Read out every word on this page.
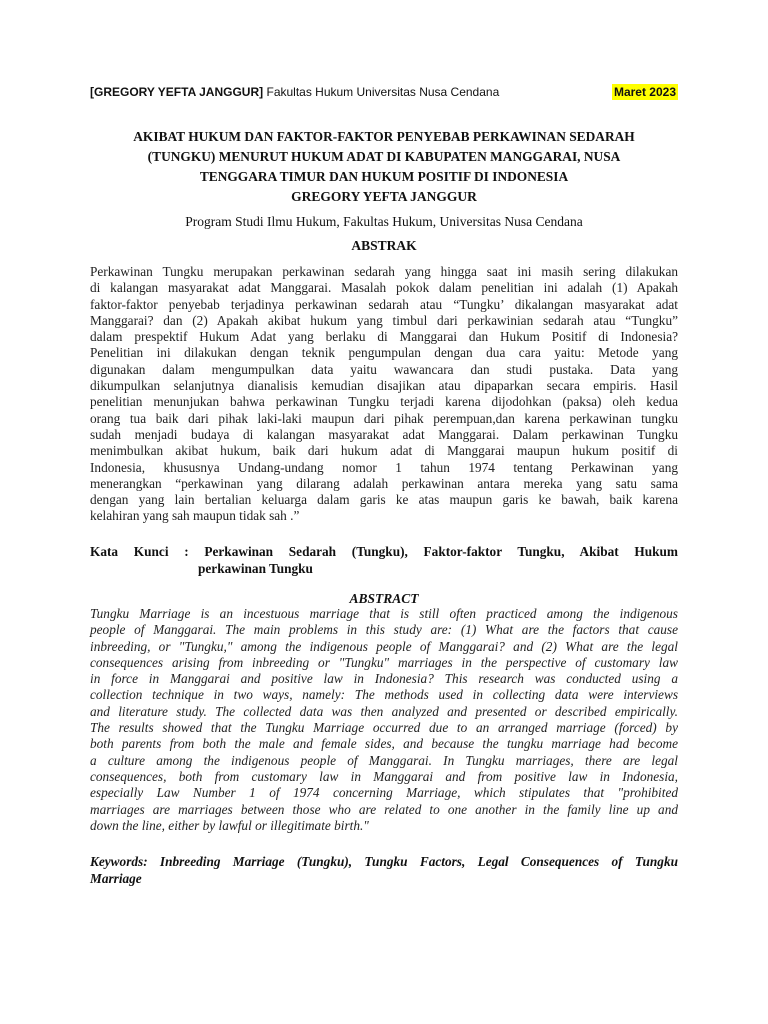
[GREGORY YEFTA JANGGUR] Fakultas Hukum Universitas Nusa Cendana	Maret 2023
AKIBAT HUKUM DAN FAKTOR-FAKTOR PENYEBAB PERKAWINAN SEDARAH
(TUNGKU) MENURUT HUKUM ADAT DI KABUPATEN MANGGARAI, NUSA
TENGGARA TIMUR DAN HUKUM POSITIF DI INDONESIA
GREGORY YEFTA JANGGUR
Program Studi Ilmu Hukum, Fakultas Hukum, Universitas Nusa Cendana
ABSTRAK
Perkawinan Tungku merupakan perkawinan sedarah yang hingga saat ini masih sering dilakukan
di kalangan masyarakat adat Manggarai. Masalah pokok dalam penelitian ini adalah (1) Apakah
faktor-faktor penyebab terjadinya perkawinan sedarah atau “Tungku’ dikalangan masyarakat adat
Manggarai? dan (2) Apakah akibat hukum yang timbul dari perkawinian sedarah atau “Tungku”
dalam prespektif Hukum Adat yang berlaku di Manggarai dan Hukum Positif di Indonesia?
Penelitian ini dilakukan dengan teknik pengumpulan dengan dua cara yaitu: Metode yang
digunakan dalam mengumpulkan data yaitu wawancara dan studi pustaka. Data yang
dikumpulkan selanjutnya dianalisis kemudian disajikan atau dipaparkan secara empiris. Hasil
penelitian menunjukan bahwa perkawinan Tungku terjadi karena dijodohkan (paksa) oleh kedua
orang tua baik dari pihak laki-laki maupun dari pihak perempuan,dan karena perkawinan tungku
sudah menjadi budaya di kalangan masyarakat adat Manggarai. Dalam perkawinan Tungku
menimbulkan akibat hukum, baik dari hukum adat di Manggarai maupun hukum positif di
Indonesia, khususnya Undang-undang nomor 1 tahun 1974 tentang Perkawinan yang
menerangkan “perkawinan yang dilarang adalah perkawinan antara mereka yang satu sama
dengan yang lain bertalian keluarga dalam garis ke atas maupun garis ke bawah, baik karena
kelahiran yang sah maupun tidak sah .”
Kata Kunci : Perkawinan Sedarah (Tungku), Faktor-faktor Tungku, Akibat Hukum
perkawinan Tungku
ABSTRACT
Tungku Marriage is an incestuous marriage that is still often practiced among the indigenous
people of Manggarai. The main problems in this study are: (1) What are the factors that cause
inbreeding, or "Tungku," among the indigenous people of Manggarai? and (2) What are the legal
consequences arising from inbreeding or "Tungku" marriages in the perspective of customary law
in force in Manggarai and positive law in Indonesia? This research was conducted using a
collection technique in two ways, namely: The methods used in collecting data were interviews
and literature study. The collected data was then analyzed and presented or described empirically.
The results showed that the Tungku Marriage occurred due to an arranged marriage (forced) by
both parents from both the male and female sides, and because the tungku marriage had become
a culture among the indigenous people of Manggarai. In Tungku marriages, there are legal
consequences, both from customary law in Manggarai and from positive law in Indonesia,
especially Law Number 1 of 1974 concerning Marriage, which stipulates that "prohibited
marriages are marriages between those who are related to one another in the family line up and
down the line, either by lawful or illegitimate birth."
Keywords: Inbreeding Marriage (Tungku), Tungku Factors, Legal Consequences of Tungku
Marriage
